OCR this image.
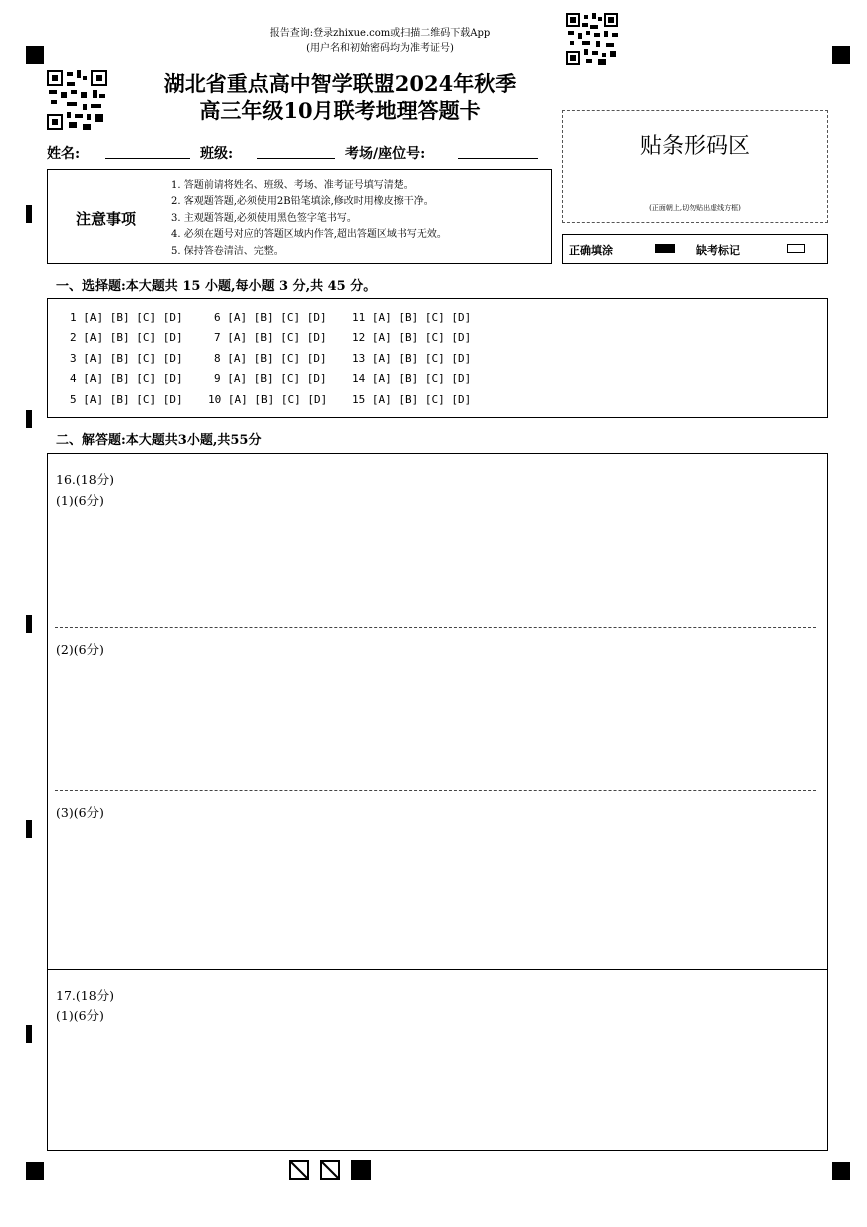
报告查询:登录zhixue.com或扫描二维码下载App
(用户名和初始密码均为准考证号)
湖北省重点高中智学联盟2024年秋季
高三年级10月联考地理答题卡
姓名:	班级:	考场/座位号:	贴条形码区
(正面朝上,切勿贴出虚线方框)
注意事项
1. 答题前请将姓名、班级、考场、准考证号填写清楚。
2. 客观题答题,必须使用2B铅笔填涂,修改时用橡皮擦干净。
3. 主观题答题,必须使用黑色签字笔书写。
4. 必须在题号对应的答题区域内作答,超出答题区域书写无效。
5. 保持答卷清洁、完整。	正确填涂	缺考标记
一、选择题:本大题共 15 小题,每小题 3 分,共 45 分。
1 [A] [B] [C] [D]
2 [A] [B] [C] [D]
3 [A] [B] [C] [D]
4 [A] [B] [C] [D]
5 [A] [B] [C] [D]
6 [A] [B] [C] [D]
7 [A] [B] [C] [D]
8 [A] [B] [C] [D]
9 [A] [B] [C] [D]
10 [A] [B] [C] [D]
11 [A] [B] [C] [D]
12 [A] [B] [C] [D]
13 [A] [B] [C] [D]
14 [A] [B] [C] [D]
15 [A] [B] [C] [D]
二、解答题:本大题共3小题,共55分
16.(18分)
(1)(6分)
(2)(6分)
(3)(6分)
17.(18分)
(1)(6分)
